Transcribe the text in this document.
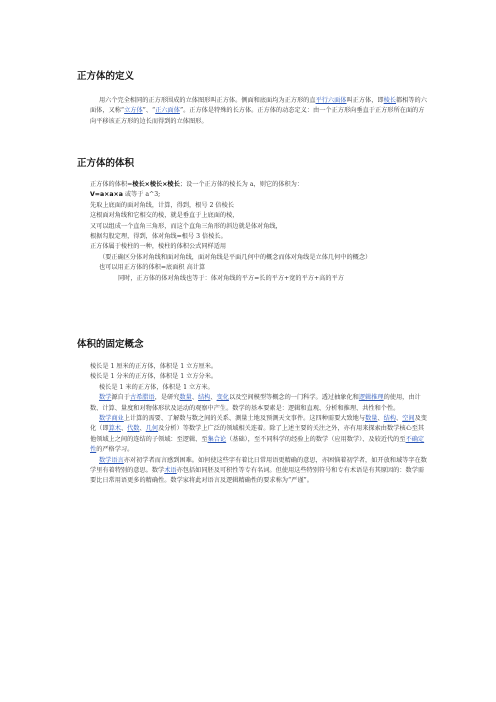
正方体的定义

用六个完全相同的正方形围成的立体图形叫正方体。侧面和底面均为正方形的直平行六面体叫正方体，即棱长都相等的六面体，又称“立方体”、“正六面体”。正方体是特殊的长方体。正方体的动态定义：由一个正方形向垂直于正方形所在面的方向平移该正方形的边长而得到的立体图形。

正方体的体积

正方体的体积=棱长×棱长×棱长；设一个正方体的棱长为 a，则它的体积为：

V=a×a×a 或等于 a^3;

先取上底面的面对角线，计算，得到，根号 2 倍棱长

这根面对角线和它相交的棱，就是垂直于上底面的棱，

又可以组成一个直角三角形，而这个直角三角形的斜边就是体对角线，

根据勾股定理，得到，体对角线=根号 3 倍棱长。

正方体属于棱柱的一种，棱柱的体积公式同样适用

（要正确区分体对角线和面对角线，面对角线是平面几何中的概念而体对角线是立体几何中的概念）

也可以用正方体的体积=底面积 高计算

同时，正方体的体对角线也等于：体对角线的平方=长的平方+宽的平方+高的平方

体积的固定概念

棱长是 1 厘米的正方体，体积是 1 立方厘米。

棱长是 1 分米的正方体，体积是 1 立方分米。

棱长是 1 米的正方体，体积是 1 立方米。

数学源自于古希腊语，是研究数量、结构、变化以及空间模型等概念的一门科学。透过抽象化和逻辑推理的使用，由计数、计算、量度和对物体形状及运动的观察中产生。数学的基本要素是：逻辑和直观、分析和推理、共性和个性。

数学商业上计算的需要、了解数与数之间的关系、测量土地及预测天文事件。这四种需要大致地与数量、结构、空间及变化（即算术、代数、几何及分析）等数学上广泛的领域相关连着。除了上述主要的关注之外，亦有用来探索由数学核心至其他领域上之间的连结的子领域：至逻辑、至集合论（基础），至不同科学的经验上的数学（应用数学）、及较近代的至不确定性的严格学习。

数学语言亦对初学者而言感到困难。如何使这些字有着比日常用语更精确的意思，亦困恼着初学者，如开放和域等字在数学里有着特别的意思。数学术语亦包括如同胚及可积性等专有名词。但使用这些特别符号和专有术语是有其原因的：数学需要比日常用语更多的精确性。数学家将此对语言及逻辑精确性的要求称为“严谨”。
